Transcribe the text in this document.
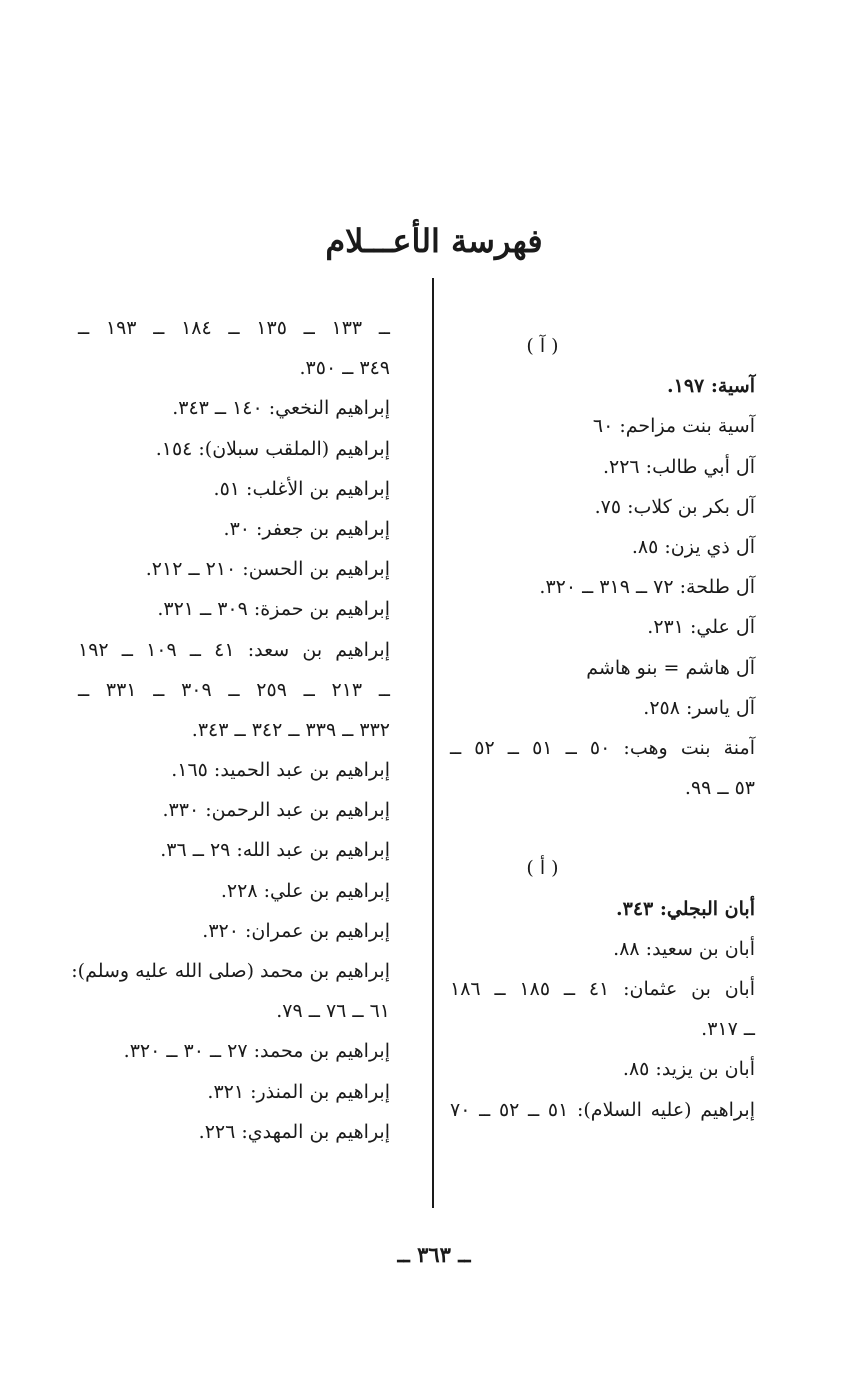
فهرسة الأعـــلام
( آ )
آسية: ١٩٧.
آسية بنت مزاحم: ٦٠
آل أبي طالب: ٢٢٦.
آل بكر بن كلاب: ٧٥.
آل ذي يزن: ٨٥.
آل طلحة: ٧٢ ــ ٣١٩ ــ ٣٢٠.
آل علي: ٢٣١.
آل هاشم = بنو هاشم
آل ياسر: ٢٥٨.
آمنة بنت وهب: ٥٠ ــ ٥١ ــ ٥٢ ــ
٥٣ ــ ٩٩.
( أ )
أبان البجلي: ٣٤٣.
أبان بن سعيد: ٨٨.
أبان بن عثمان: ٤١ ــ ١٨٥ ــ ١٨٦
ــ ٣١٧.
أبان بن يزيد: ٨٥.
إبراهيم (عليه السلام): ٥١ ــ ٥٢ ــ ٧٠
ــ ١٣٣ ــ ١٣٥ ــ ١٨٤ ــ ١٩٣ ــ
٣٤٩ ــ ٣٥٠.
إبراهيم النخعي: ١٤٠ ــ ٣٤٣.
إبراهيم (الملقب سبلان): ١٥٤.
إبراهيم بن الأغلب: ٥١.
إبراهيم بن جعفر: ٣٠.
إبراهيم بن الحسن: ٢١٠ ــ ٢١٢.
إبراهيم بن حمزة: ٣٠٩ ــ ٣٢١.
إبراهيم بن سعد: ٤١ ــ ١٠٩ ــ ١٩٢
ــ ٢١٣ ــ ٢٥٩ ــ ٣٠٩ ــ ٣٣١ ــ
٣٣٢ ــ ٣٣٩ ــ ٣٤٢ ــ ٣٤٣.
إبراهيم بن عبد الحميد: ١٦٥.
إبراهيم بن عبد الرحمن: ٣٣٠.
إبراهيم بن عبد الله: ٢٩ ــ ٣٦.
إبراهيم بن علي: ٢٢٨.
إبراهيم بن عمران: ٣٢٠.
إبراهيم بن محمد (صلى الله عليه وسلم):
٦١ ــ ٧٦ ــ ٧٩.
إبراهيم بن محمد: ٢٧ ــ ٣٠ ــ ٣٢٠.
إبراهيم بن المنذر: ٣٢١.
إبراهيم بن المهدي: ٢٢٦.
ــ ٣٦٣ ــ
